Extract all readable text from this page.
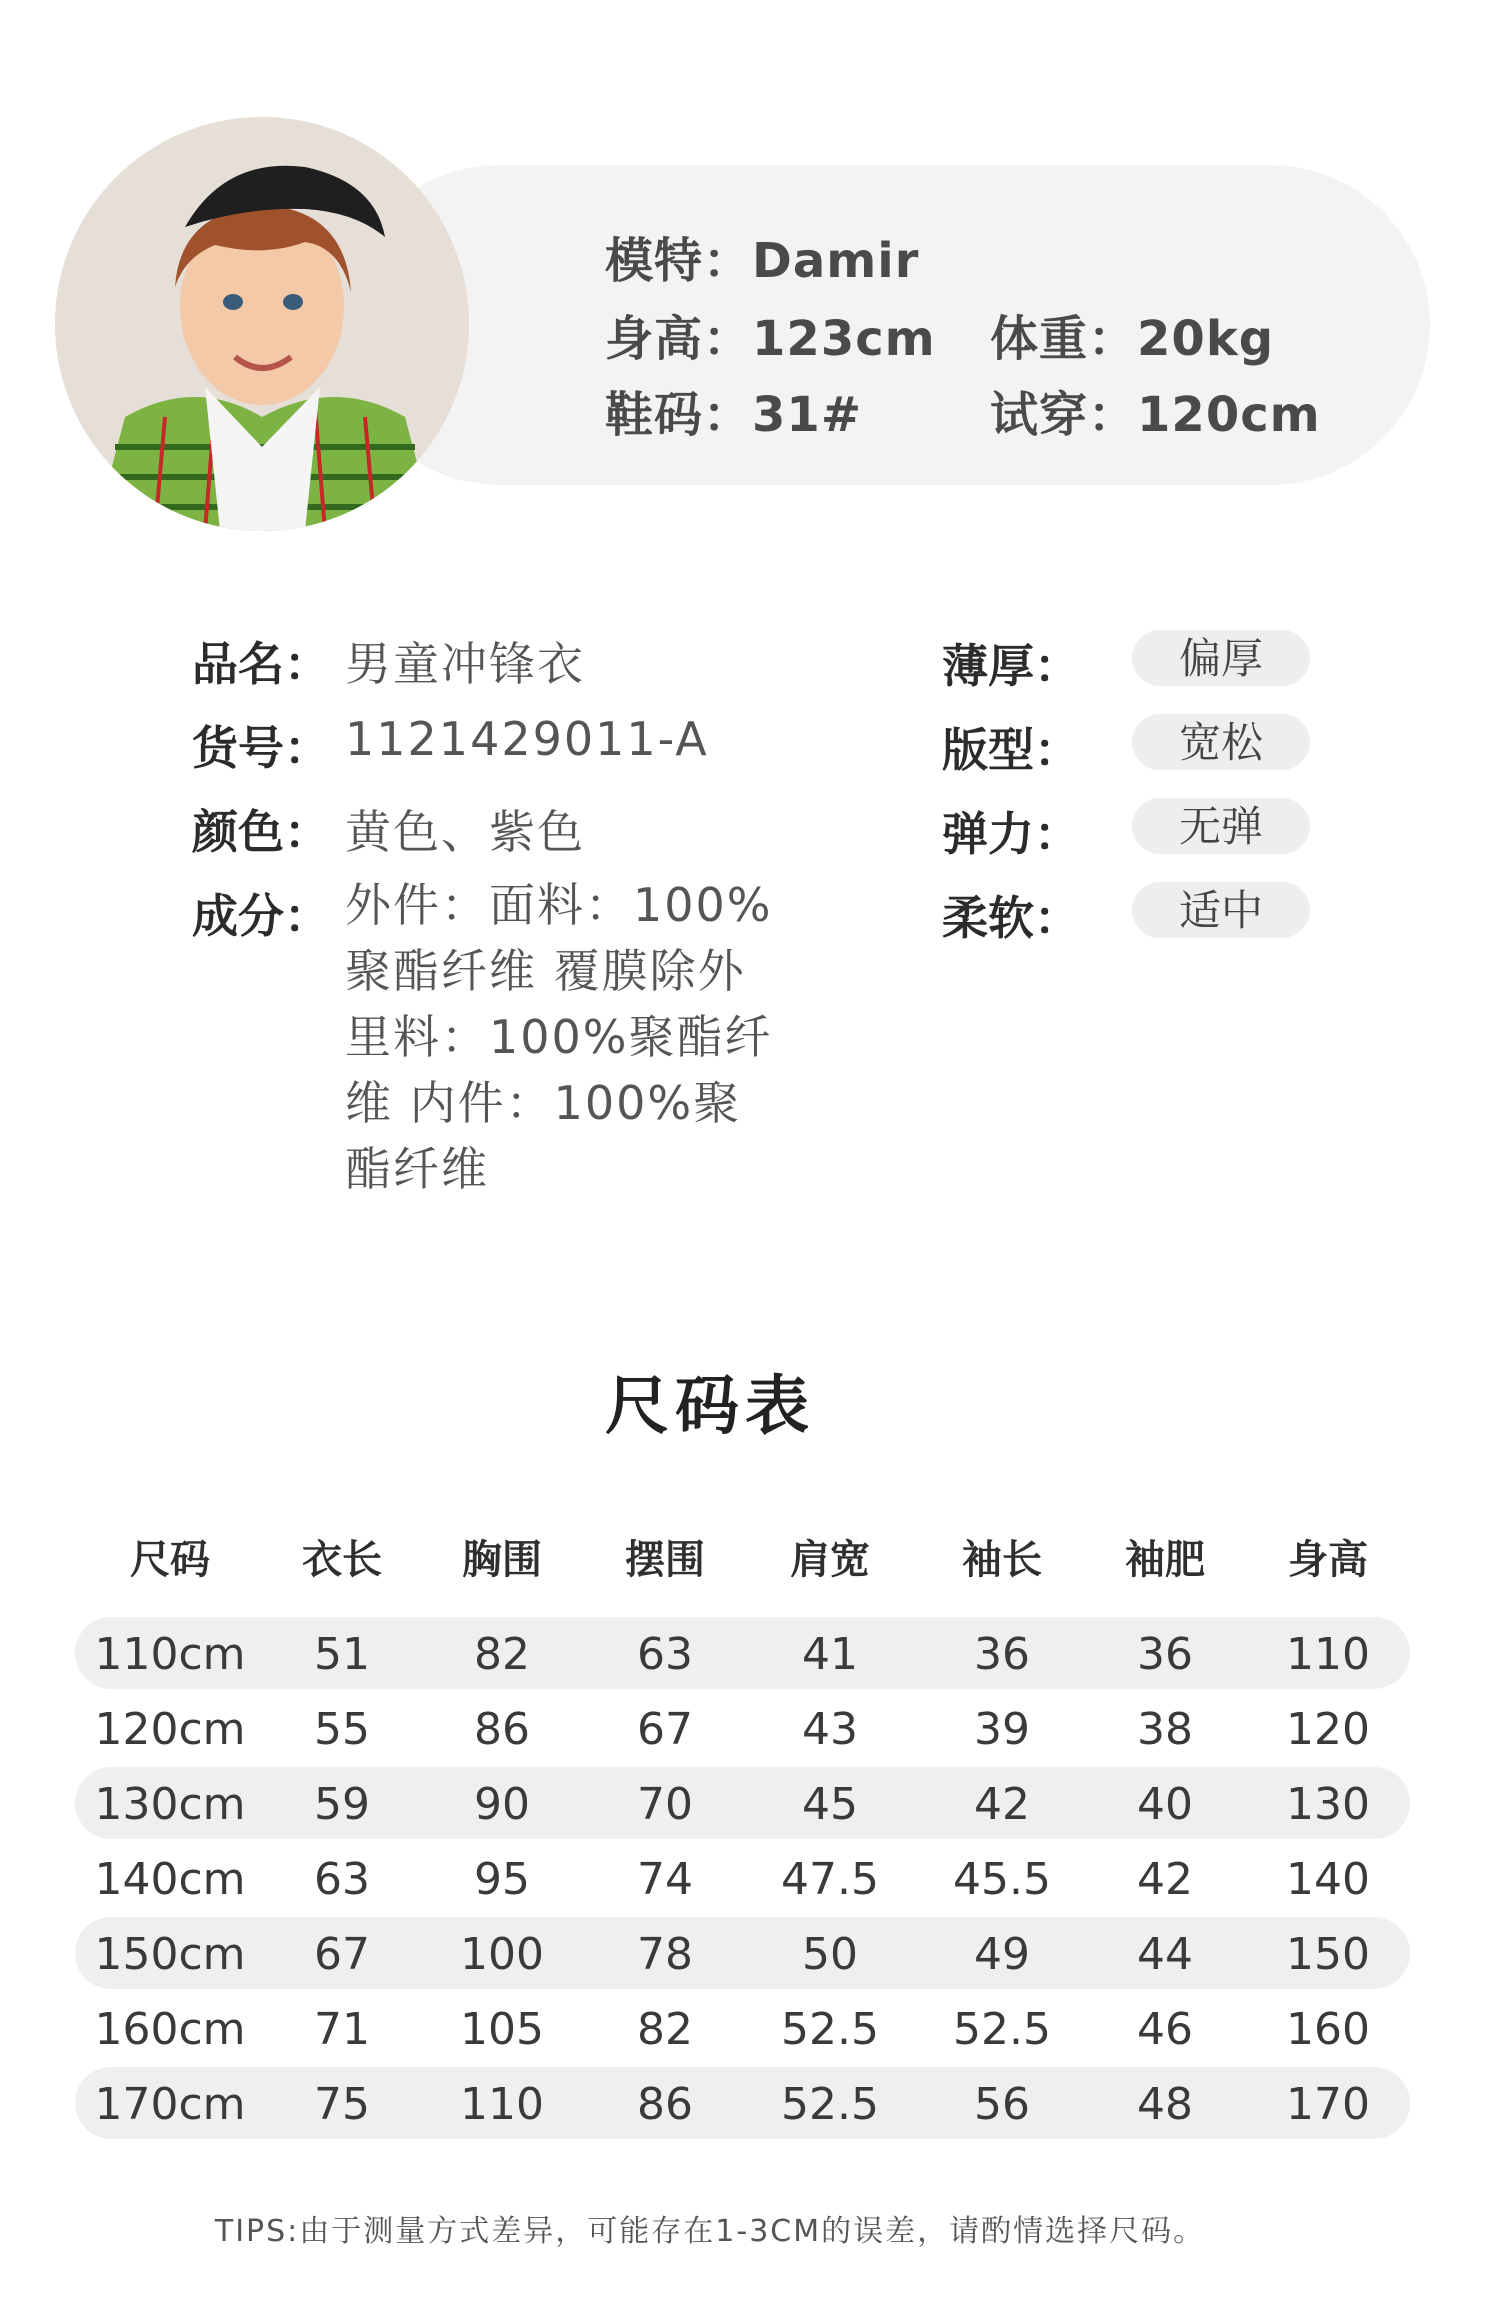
模特：Damir
身高：123cm 体重：20kg
鞋码：31#	试穿：120cm
品名： 男童冲锋衣
货号： 1121429011-A
颜色： 黄色、紫色
成分： 外件：面料：100%
聚酯纤维 覆膜除外
里料：100%聚酯纤
维 内件：100%聚
酯纤维
薄厚：	偏厚
版型：	宽松
弹力：	无弹
柔软：	适中
尺码表
尺码	衣长	胸围	摆围	肩宽	袖长	袖肥	身高
110cm	51	82	63	41	36	36	110
120cm	55	86	67	43	39	38	120
130cm	59	90	70	45	42	40	130
140cm	63	95	74	47.5	45.5	42	140
150cm	67	100	78	50	49	44	150
160cm	71	105	82	52.5	52.5	46	160
170cm	75	110	86	52.5	56	48	170
TIPS:由于测量方式差异，可能存在1-3CM的误差，请酌情选择尺码。
